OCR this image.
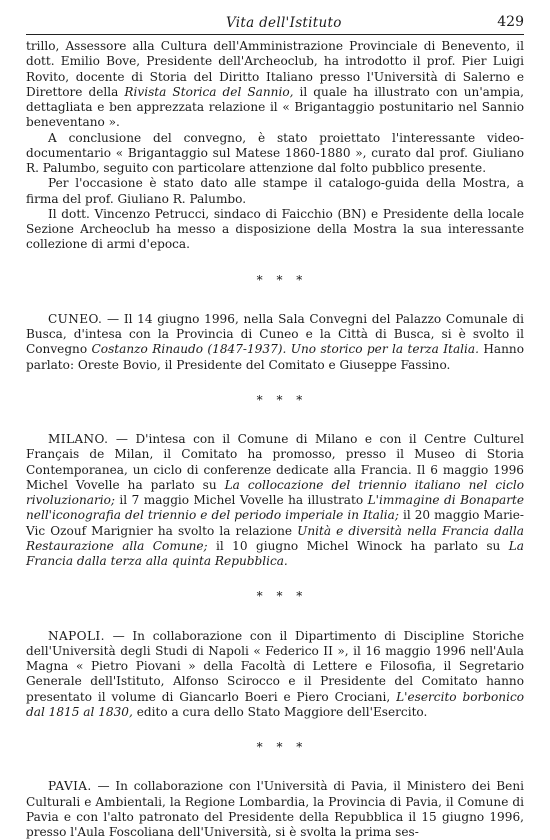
Vita dell'Istituto	429

trillo, Assessore alla Cultura dell'Amministrazione Provinciale di Benevento, il dott. Emilio Bove, Presidente dell'Archeoclub, ha introdotto il prof. Pier Luigi Rovito, docente di Storia del Diritto Italiano presso l'Università di Salerno e Direttore della Rivista Storica del Sannio, il quale ha illustrato con un'ampia, dettagliata e ben apprezzata relazione il « Brigantaggio postunitario nel Sannio beneventano ».

A conclusione del convegno, è stato proiettato l'interessante video-documentario « Brigantaggio sul Matese 1860-1880 », curato dal prof. Giuliano R. Palumbo, seguito con particolare attenzione dal folto pubblico presente.

Per l'occasione è stato dato alle stampe il catalogo-guida della Mostra, a firma del prof. Giuliano R. Palumbo.

Il dott. Vincenzo Petrucci, sindaco di Faicchio (BN) e Presidente della locale Sezione Archeoclub ha messo a disposizione della Mostra la sua interessante collezione di armi d'epoca.

* * *

CUNEO. — Il 14 giugno 1996, nella Sala Convegni del Palazzo Comunale di Busca, d'intesa con la Provincia di Cuneo e la Città di Busca, si è svolto il Convegno Costanzo Rinaudo (1847-1937). Uno storico per la terza Italia. Hanno parlato: Oreste Bovio, il Presidente del Comitato e Giuseppe Fassino.

* * *

MILANO. — D'intesa con il Comune di Milano e con il Centre Culturel Français de Milan, il Comitato ha promosso, presso il Museo di Storia Contemporanea, un ciclo di conferenze dedicate alla Francia. Il 6 maggio 1996 Michel Vovelle ha parlato su La collocazione del triennio italiano nel ciclo rivoluzionario; il 7 maggio Michel Vovelle ha illustrato L'immagine di Bonaparte nell'iconografia del triennio e del periodo imperiale in Italia; il 20 maggio Marie-Vic Ozouf Marignier ha svolto la relazione Unità e diversità nella Francia dalla Restaurazione alla Comune; il 10 giugno Michel Winock ha parlato su La Francia dalla terza alla quinta Repubblica.

* * *

NAPOLI. — In collaborazione con il Dipartimento di Discipline Storiche dell'Università degli Studi di Napoli « Federico II », il 16 maggio 1996 nell'Aula Magna « Pietro Piovani » della Facoltà di Lettere e Filosofia, il Segretario Generale dell'Istituto, Alfonso Scirocco e il Presidente del Comitato hanno presentato il volume di Giancarlo Boeri e Piero Crociani, L'esercito borbonico dal 1815 al 1830, edito a cura dello Stato Maggiore dell'Esercito.

* * *

PAVIA. — In collaborazione con l'Università di Pavia, il Ministero dei Beni Culturali e Ambientali, la Regione Lombardia, la Provincia di Pavia, il Comune di Pavia e con l'alto patronato del Presidente della Repubblica il 15 giugno 1996, presso l'Aula Foscoliana dell'Università, si è svolta la prima ses-
